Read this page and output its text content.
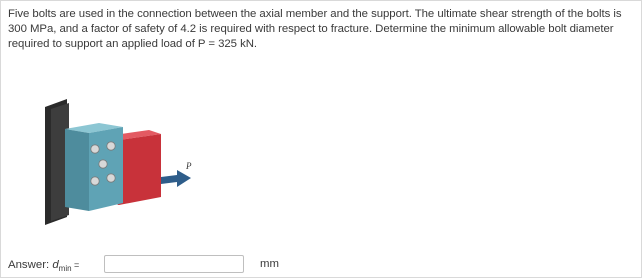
Five bolts are used in the connection between the axial member and the support. The ultimate shear strength of the bolts is 300 MPa, and a factor of safety of 4.2 is required with respect to fracture. Determine the minimum allowable bolt diameter required to support an applied load of P = 325 kN.
P
Answer: d min =	mm
